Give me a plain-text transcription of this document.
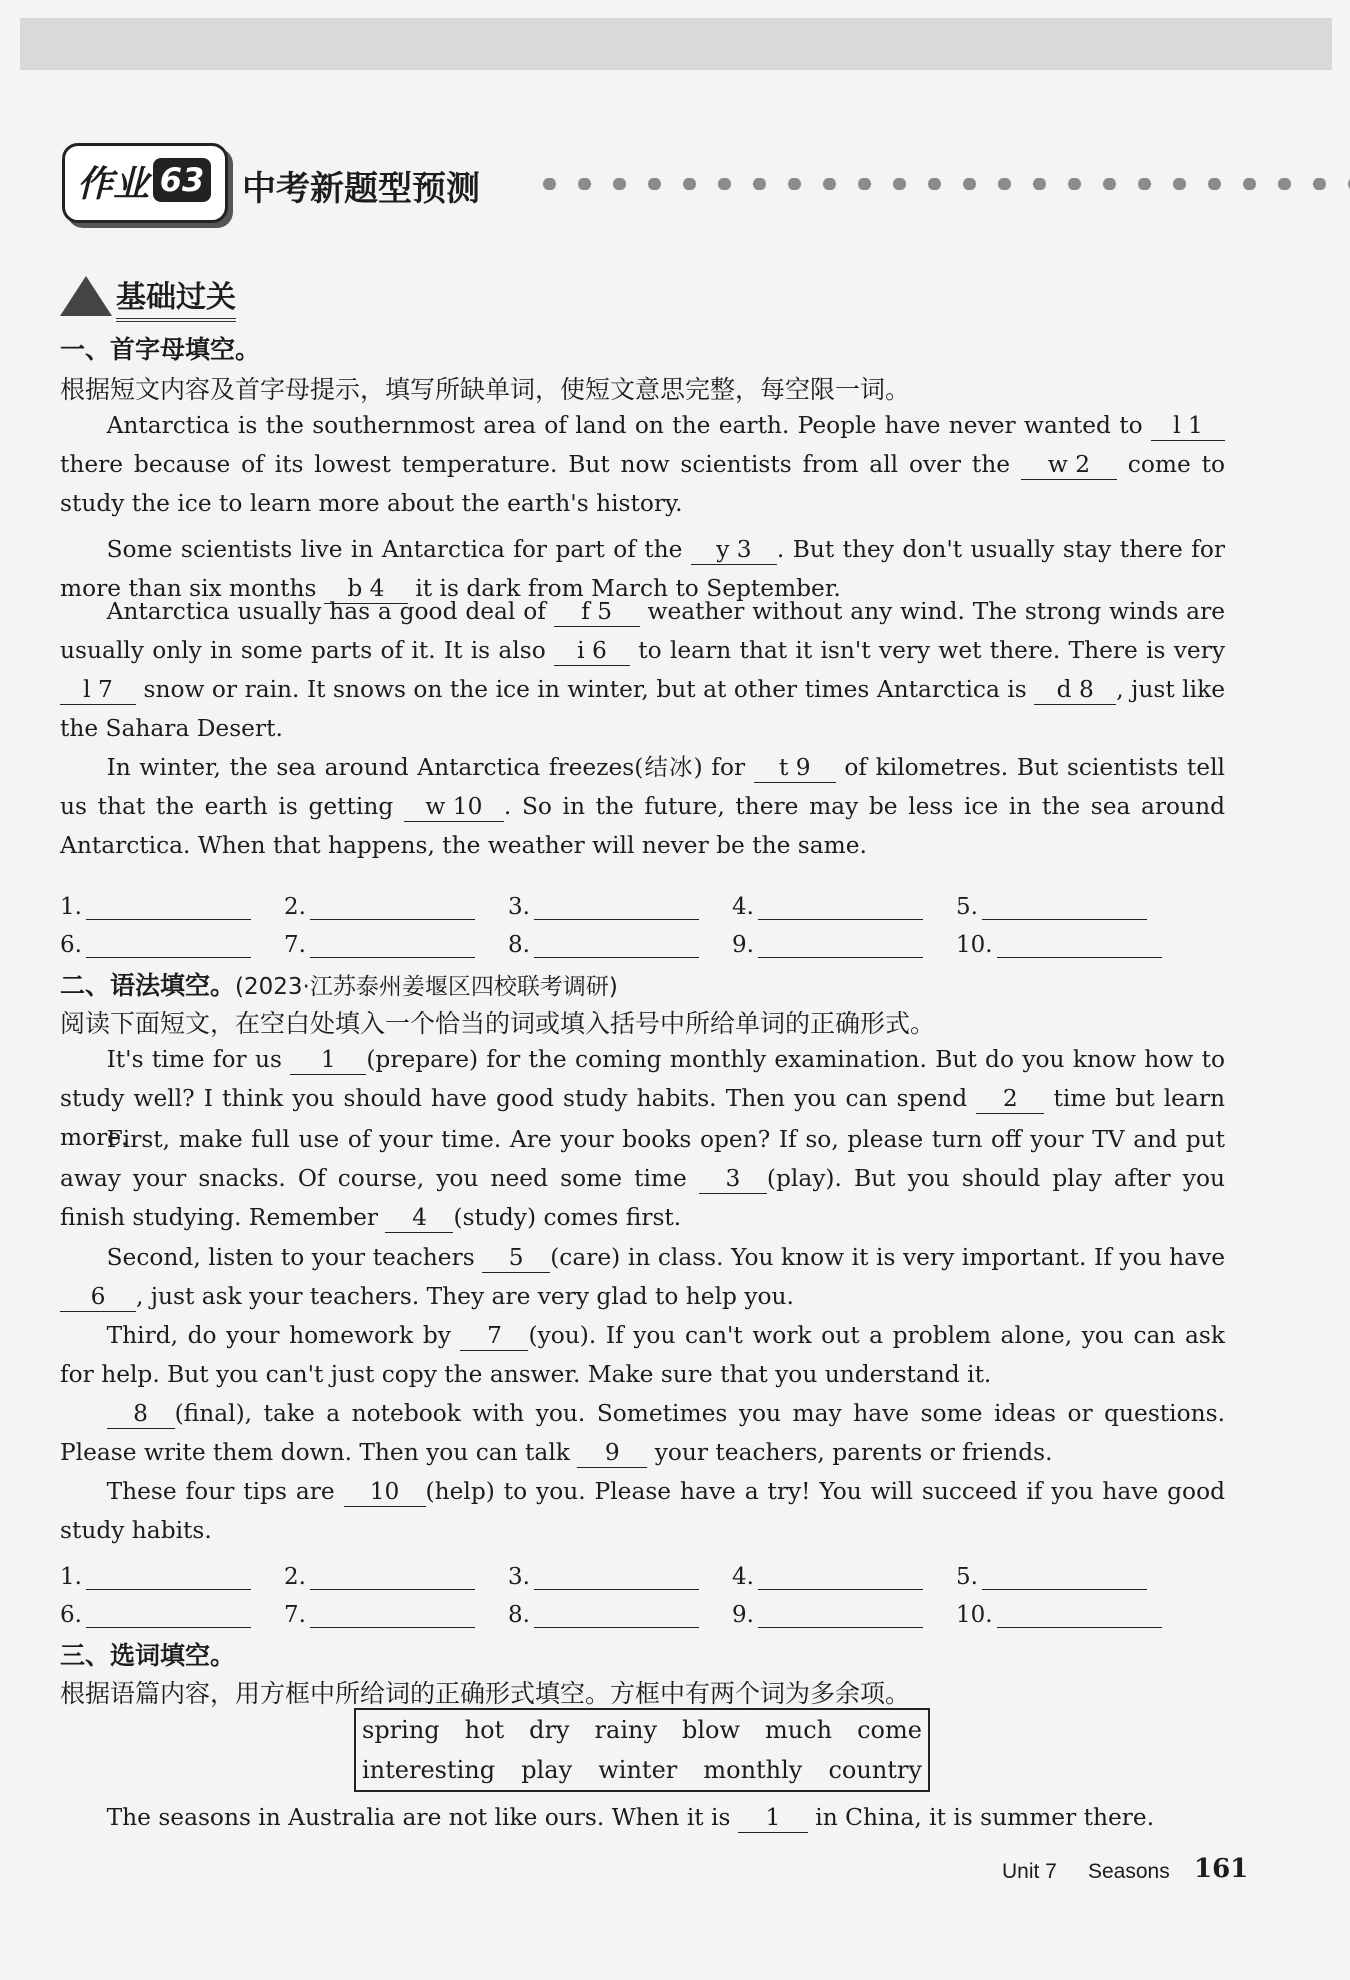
作业 63 中考新题型预测
基础过关
一、首字母填空。
根据短文内容及首字母提示，填写所缺单词，使短文意思完整，每空限一词。
Antarctica is the southernmost area of land on the earth. People have never wanted to l 1 there because of its lowest temperature. But now scientists from all over the w 2 come to study the ice to learn more about the earth's history.
Some scientists live in Antarctica for part of the y 3 . But they don't usually stay there for more than six months b 4 it is dark from March to September.
Antarctica usually has a good deal of f 5 weather without any wind. The strong winds are usually only in some parts of it. It is also i 6 to learn that it isn't very wet there. There is very l 7 snow or rain. It snows on the ice in winter, but at other times Antarctica is d 8 , just like the Sahara Desert.
In winter, the sea around Antarctica freezes(结冰) for t 9 of kilometres. But scientists tell us that the earth is getting w 10 . So in the future, there may be less ice in the sea around Antarctica. When that happens, the weather will never be the same.
1.	2.	3.	4.	5.
6.	7.	8.	9.	10.
二、语法填空。(2023·江苏泰州姜堰区四校联考调研)
阅读下面短文，在空白处填入一个恰当的词或填入括号中所给单词的正确形式。
It's time for us 1 (prepare) for the coming monthly examination. But do you know how to study well? I think you should have good study habits. Then you can spend 2 time but learn more.
First, make full use of your time. Are your books open? If so, please turn off your TV and put away your snacks. Of course, you need some time 3 (play). But you should play after you finish studying. Remember 4 (study) comes first.
Second, listen to your teachers 5 (care) in class. You know it is very important. If you have 6 , just ask your teachers. They are very glad to help you.
Third, do your homework by 7 (you). If you can't work out a problem alone, you can ask for help. But you can't just copy the answer. Make sure that you understand it.
8 (final), take a notebook with you. Sometimes you may have some ideas or questions. Please write them down. Then you can talk 9 your teachers, parents or friends.
These four tips are 10 (help) to you. Please have a try! You will succeed if you have good study habits.
1.	2.	3.	4.	5.
6.	7.	8.	9.	10.
三、选词填空。
根据语篇内容，用方框中所给词的正确形式填空。方框中有两个词为多余项。
spring hot dry rainy blow much come
interesting play winter monthly country
The seasons in Australia are not like ours. When it is 1 in China, it is summer there.
Unit 7 Seasons 161
